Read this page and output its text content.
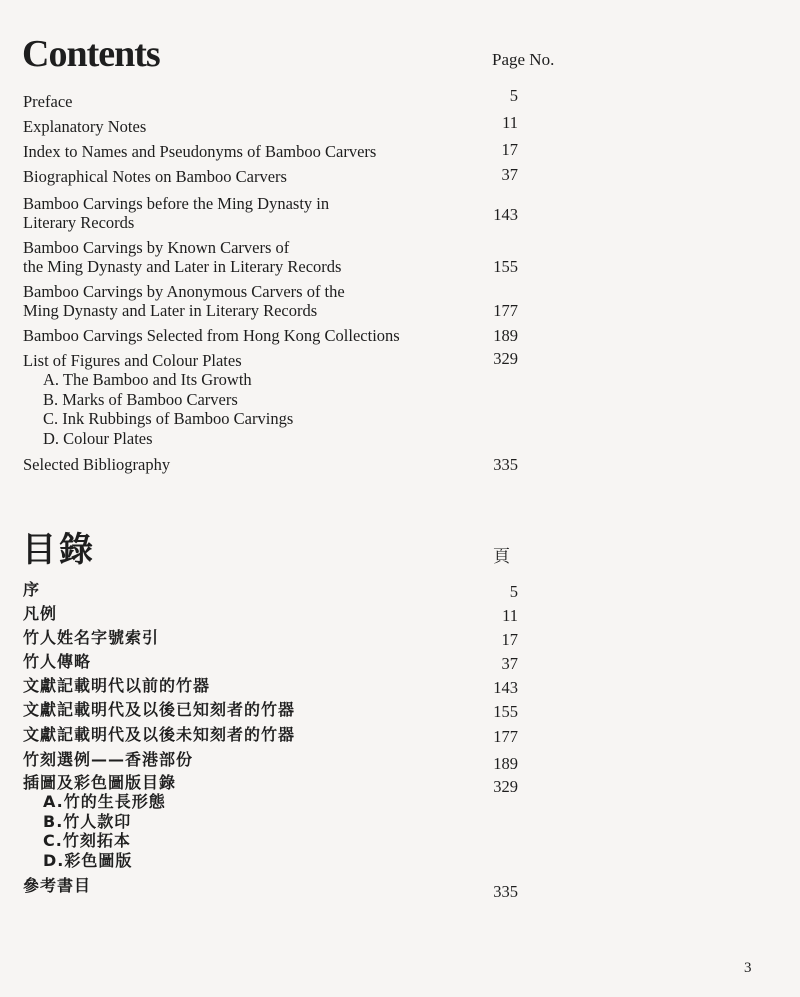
Contents	Page No.
Preface	5
Explanatory Notes	11
Index to Names and Pseudonyms of Bamboo Carvers	17
Biographical Notes on Bamboo Carvers	37
Bamboo Carvings before the Ming Dynasty in
Literary Records	143
Bamboo Carvings by Known Carvers of
the Ming Dynasty and Later in Literary Records	155
Bamboo Carvings by Anonymous Carvers of the
Ming Dynasty and Later in Literary Records	177
Bamboo Carvings Selected from Hong Kong Collections	189
List of Figures and Colour Plates	329
A. The Bamboo and Its Growth
B. Marks of Bamboo Carvers
C. Ink Rubbings of Bamboo Carvings
D. Colour Plates
Selected Bibliography	335
目錄	頁
序	5
凡例	11
竹人姓名字號索引	17
竹人傳略	37
文獻記載明代以前的竹器	143
文獻記載明代及以後已知刻者的竹器	155
文獻記載明代及以後未知刻者的竹器	177
竹刻選例——香港部份	189
插圖及彩色圖版目錄	329
A.竹的生長形態
B.竹人款印
C.竹刻拓本
D.彩色圖版
參考書目	335
3
